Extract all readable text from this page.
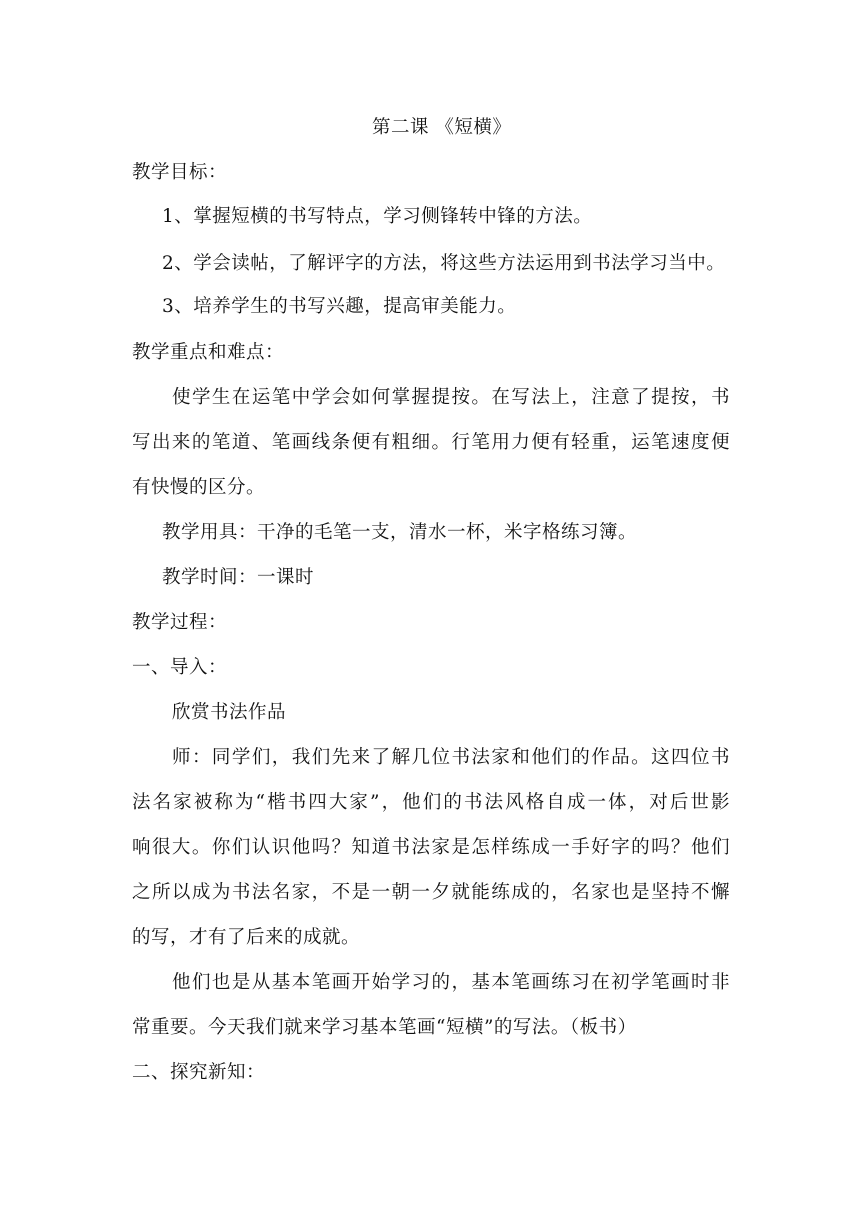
第二课 《短横》
教学目标：
1、掌握短横的书写特点，学习侧锋转中锋的方法。
2、学会读帖，了解评字的方法，将这些方法运用到书法学习当中。
3、培养学生的书写兴趣，提高审美能力。
教学重点和难点：
使学生在运笔中学会如何掌握提按。在写法上，注意了提按，书
写出来的笔道、笔画线条便有粗细。行笔用力便有轻重，运笔速度便
有快慢的区分。
教学用具：干净的毛笔一支，清水一杯，米字格练习簿。
教学时间：一课时
教学过程：
一、导入：
欣赏书法作品
师：同学们，我们先来了解几位书法家和他们的作品。这四位书
法名家被称为“楷书四大家”，他们的书法风格自成一体，对后世影
响很大。你们认识他吗？知道书法家是怎样练成一手好字的吗？他们
之所以成为书法名家，不是一朝一夕就能练成的，名家也是坚持不懈
的写，才有了后来的成就。
他们也是从基本笔画开始学习的，基本笔画练习在初学笔画时非
常重要。今天我们就来学习基本笔画“短横”的写法。（板书）
二、探究新知：
